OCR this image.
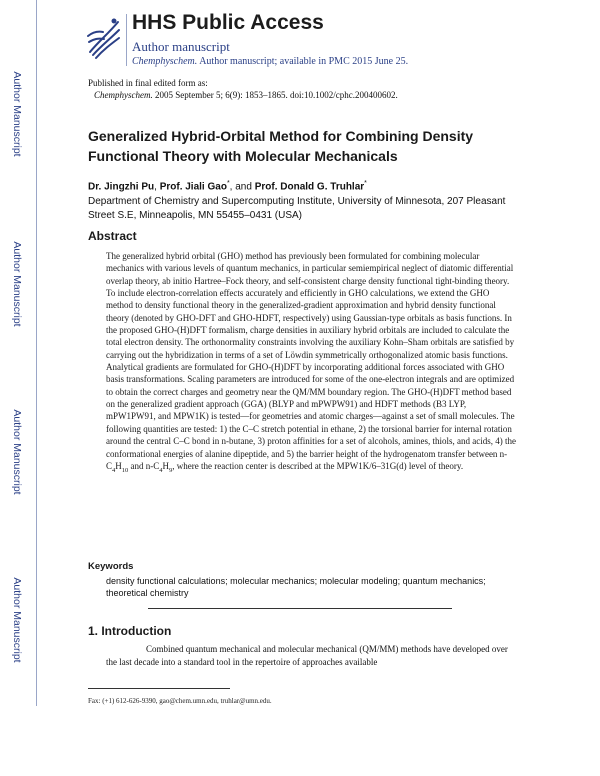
Author Manuscript
Author Manuscript
Author Manuscript
Author Manuscript
HHS Public Access
Author manuscript
Chemphyschem. Author manuscript; available in PMC 2015 June 25.
Published in final edited form as:
Chemphyschem. 2005 September 5; 6(9): 1853–1865. doi:10.1002/cphc.200400602.
Generalized Hybrid-Orbital Method for Combining Density Functional Theory with Molecular Mechanicals
Dr. Jingzhi Pu, Prof. Jiali Gao*, and Prof. Donald G. Truhlar*
Department of Chemistry and Supercomputing Institute, University of Minnesota, 207 Pleasant Street S.E, Minneapolis, MN 55455–0431 (USA)
Abstract
The generalized hybrid orbital (GHO) method has previously been formulated for combining molecular mechanics with various levels of quantum mechanics, in particular semiempirical neglect of diatomic differential overlap theory, ab initio Hartree–Fock theory, and self-consistent charge density functional tight-binding theory. To include electron-correlation effects accurately and efficiently in GHO calculations, we extend the GHO method to density functional theory in the generalized-gradient approximation and hybrid density functional theory (denoted by GHO-DFT and GHO-HDFT, respectively) using Gaussian-type orbitals as basis functions. In the proposed GHO-(H)DFT formalism, charge densities in auxiliary hybrid orbitals are included to calculate the total electron density. The orthonormality constraints involving the auxiliary Kohn–Sham orbitals are satisfied by carrying out the hybridization in terms of a set of Löwdin symmetrically orthogonalized atomic basis functions. Analytical gradients are formulated for GHO-(H)DFT by incorporating additional forces associated with GHO basis transformations. Scaling parameters are introduced for some of the one-electron integrals and are optimized to obtain the correct charges and geometry near the QM/MM boundary region. The GHO-(H)DFT method based on the generalized gradient approach (GGA) (BLYP and mPWPW91) and HDFT methods (B3 LYP, mPW1PW91, and MPW1K) is tested—for geometries and atomic charges—against a set of small molecules. The following quantities are tested: 1) the C–C stretch potential in ethane, 2) the torsional barrier for internal rotation around the central C–C bond in n-butane, 3) proton affinities for a set of alcohols, amines, thiols, and acids, 4) the conformational energies of alanine dipeptide, and 5) the barrier height of the hydrogenatom transfer between $n-C_4H_{10}$ and $n-C_4H_9$, where the reaction center is described at the MPW1K/6–31G(d) level of theory.
Keywords
density functional calculations; molecular mechanics; molecular modeling; quantum mechanics; theoretical chemistry
1. Introduction
Combined quantum mechanical and molecular mechanical (QM/MM) methods have developed over the last decade into a standard tool in the repertoire of approaches available
Fax: (+1) 612-626-9390, gao@chem.umn.edu, truhlar@umn.edu.
